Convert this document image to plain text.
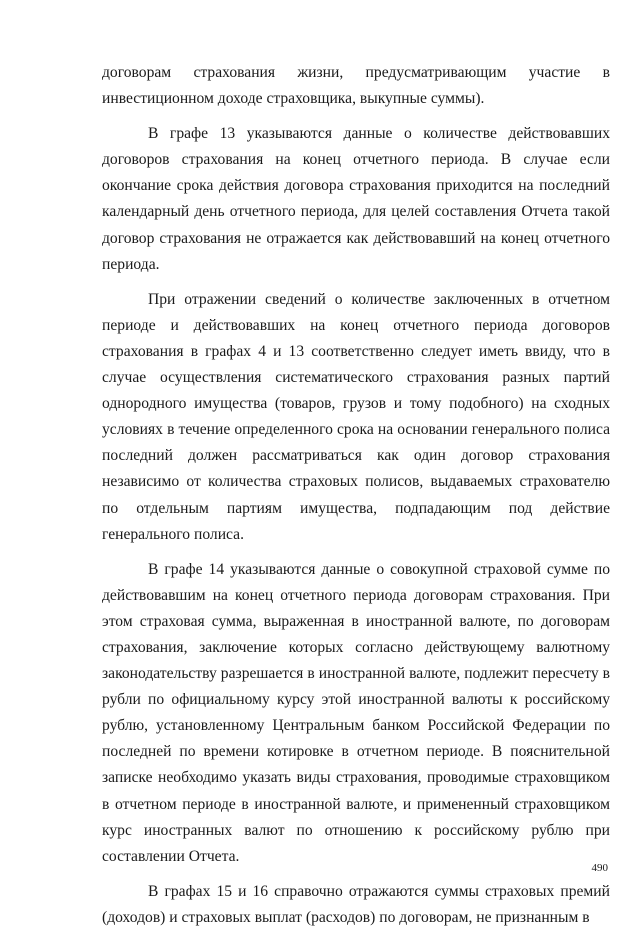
договорам страхования жизни, предусматривающим участие в инвестиционном доходе страховщика, выкупные суммы).

В графе 13 указываются данные о количестве действовавших договоров страхования на конец отчетного периода. В случае если окончание срока действия договора страхования приходится на последний календарный день отчетного периода, для целей составления Отчета такой договор страхования не отражается как действовавший на конец отчетного периода.

При отражении сведений о количестве заключенных в отчетном периоде и действовавших на конец отчетного периода договоров страхования в графах 4 и 13 соответственно следует иметь ввиду, что в случае осуществления систематического страхования разных партий однородного имущества (товаров, грузов и тому подобного) на сходных условиях в течение определенного срока на основании генерального полиса последний должен рассматриваться как один договор страхования независимо от количества страховых полисов, выдаваемых страхователю по отдельным партиям имущества, подпадающим под действие генерального полиса.

В графе 14 указываются данные о совокупной страховой сумме по действовавшим на конец отчетного периода договорам страхования. При этом страховая сумма, выраженная в иностранной валюте, по договорам страхования, заключение которых согласно действующему валютному законодательству разрешается в иностранной валюте, подлежит пересчету в рубли по официальному курсу этой иностранной валюты к российскому рублю, установленному Центральным банком Российской Федерации по последней по времени котировке в отчетном периоде. В пояснительной записке необходимо указать виды страхования, проводимые страховщиком в отчетном периоде в иностранной валюте, и примененный страховщиком курс иностранных валют по отношению к российскому рублю при составлении Отчета.

В графах 15 и 16 справочно отражаются суммы страховых премий (доходов) и страховых выплат (расходов) по договорам, не признанным в

490
